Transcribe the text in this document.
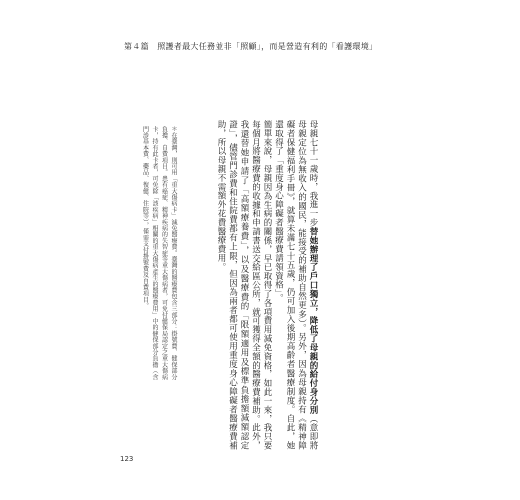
第４篇　照護者最大任務並非「照顧」，而是營造有利的「看護環境」

母親七十一歲時，我進一步替她辦理了戶口獨立，降低了母親的給付身分別（意即將母親定位為無收入的國民，能接受的補助自然更多）。另外，因為母親持有《精神障礙者保健福利手冊》，就算未滿七十五歲，仍可加入後期高齡者醫療制度。自此，她還取得了「重度身心障礙者醫療費請領資格」。

簡單來說，母親因為生病的關係，早已取得了各項費用減免資格，如此一來，我只要每個月將醫療費的收據和申請書送交給區公所，就可獲得全額的醫療費補助。此外，我還替她申請了「高額療養費」，以及醫療費的「限額適用及標準負擔額減額認定證」，儘管門診費和住院費都有上限，但因為兩者都可使用重度身心障礙者醫療費補助，所以母親不需額外花費醫療費用。

＊在臺灣，則可用「重大傷病卡」減免醫療費。臺灣的醫療費包含三部分：掛號費、健保部分負擔、自費項目。患有癌症、精神疾病的失智症等重大傷病者，可免付健保局認定之重大傷病卡，持有此卡者，可免除「該疾病」相關的重大傷病產生的醫療費用」中的健保部分負擔（含門診基本費、藥品、復健、住院等），僅需支付掛號費及自費項目。

123
